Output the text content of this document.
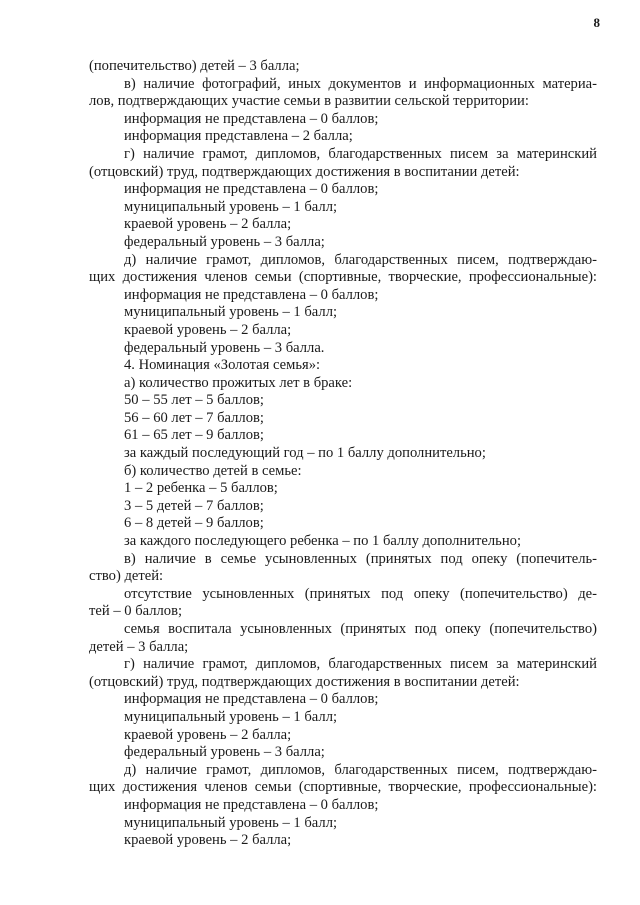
8
(попечительство) детей – 3 балла;
в) наличие фотографий, иных документов и информационных материа-
лов, подтверждающих участие семьи в развитии сельской территории:
информация не представлена – 0 баллов;
информация представлена – 2 балла;
г) наличие грамот, дипломов, благодарственных писем за материнский
(отцовский) труд, подтверждающих достижения в воспитании детей:
информация не представлена – 0 баллов;
муниципальный уровень – 1 балл;
краевой уровень – 2 балла;
федеральный уровень – 3 балла;
д) наличие грамот, дипломов, благодарственных писем, подтверждаю-
щих достижения членов семьи (спортивные, творческие, профессиональные):
информация не представлена – 0 баллов;
муниципальный уровень – 1 балл;
краевой уровень – 2 балла;
федеральный уровень – 3 балла.
4. Номинация «Золотая семья»:
а) количество прожитых лет в браке:
50 – 55 лет – 5 баллов;
56 – 60 лет – 7 баллов;
61 – 65 лет – 9 баллов;
за каждый последующий год – по 1 баллу дополнительно;
б) количество детей в семье:
1 – 2 ребенка – 5 баллов;
3 – 5 детей – 7 баллов;
6 – 8 детей – 9 баллов;
за каждого последующего ребенка – по 1 баллу дополнительно;
в) наличие в семье усыновленных (принятых под опеку (попечитель-
ство) детей:
отсутствие усыновленных (принятых под опеку (попечительство) де-
тей – 0 баллов;
семья воспитала усыновленных (принятых под опеку (попечительство)
детей – 3 балла;
г) наличие грамот, дипломов, благодарственных писем за материнский
(отцовский) труд, подтверждающих достижения в воспитании детей:
информация не представлена – 0 баллов;
муниципальный уровень – 1 балл;
краевой уровень – 2 балла;
федеральный уровень – 3 балла;
д) наличие грамот, дипломов, благодарственных писем, подтверждаю-
щих достижения членов семьи (спортивные, творческие, профессиональные):
информация не представлена – 0 баллов;
муниципальный уровень – 1 балл;
краевой уровень – 2 балла;
